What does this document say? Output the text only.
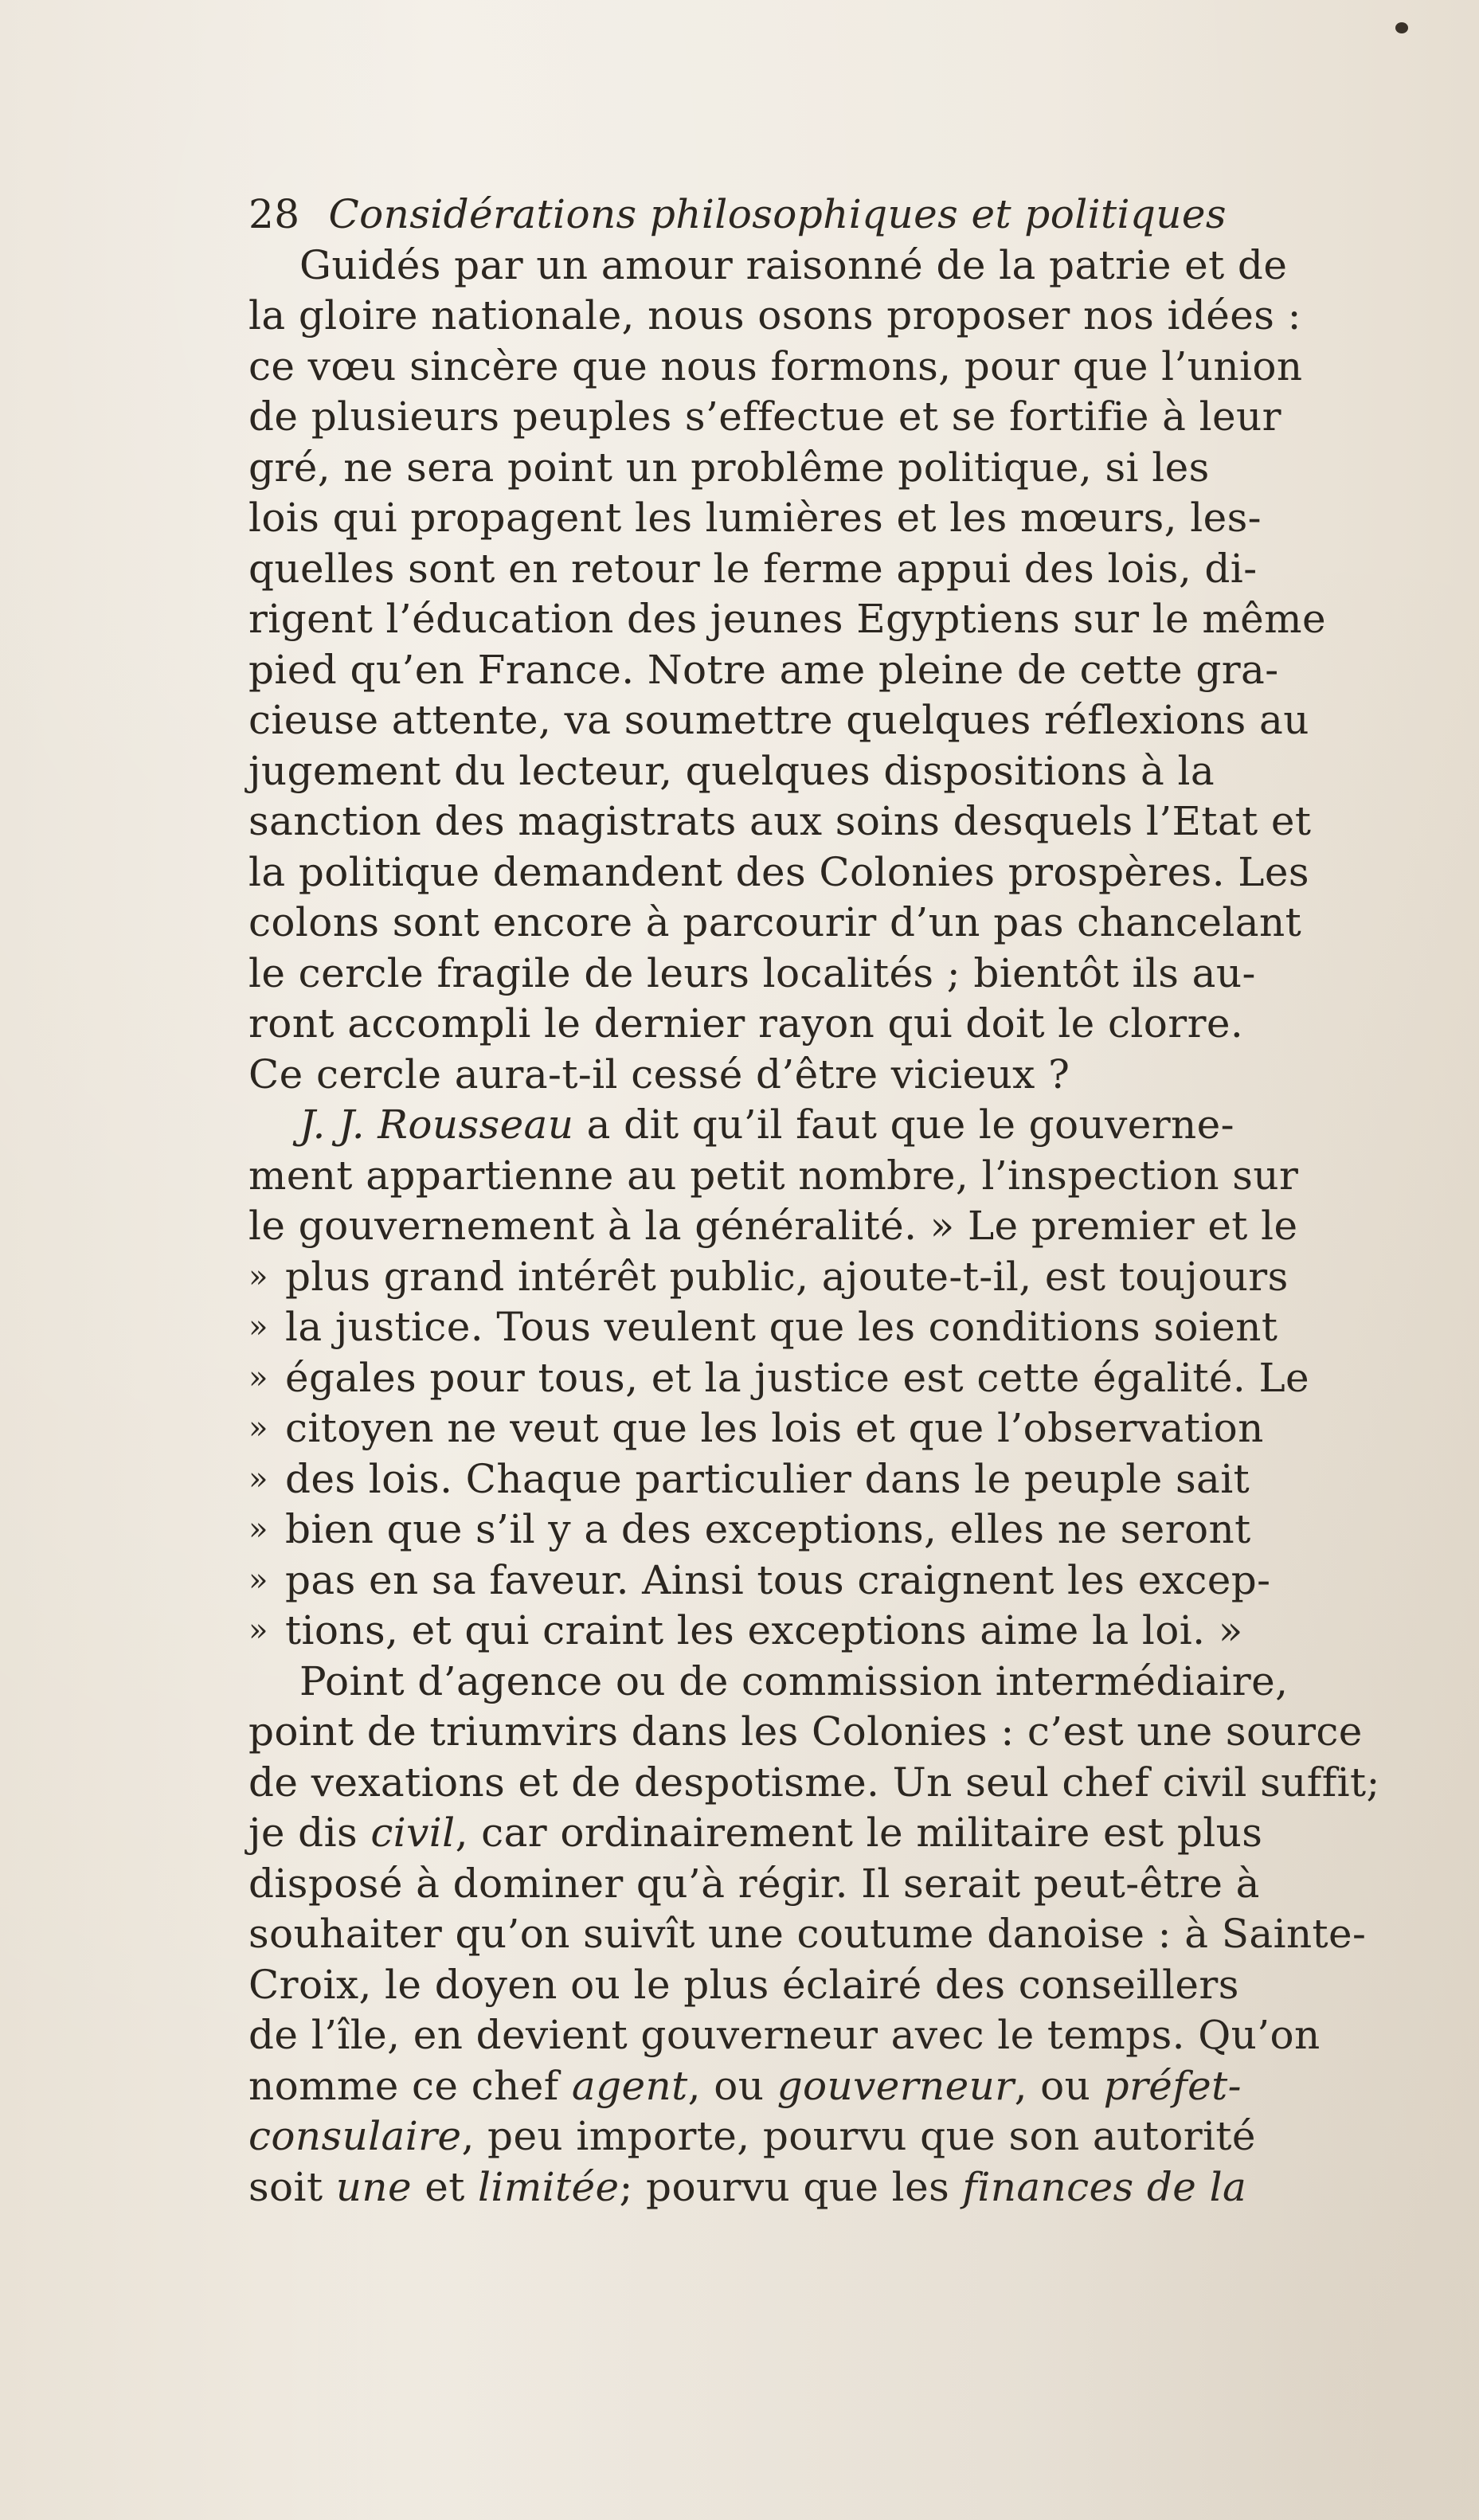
28 Considérations philosophiques et politiques
Guidés par un amour raisonné de la patrie et de
la gloire nationale, nous osons proposer nos idées :
ce vœu sincère que nous formons, pour que l’union
de plusieurs peuples s’effectue et se fortifie à leur
gré, ne sera point un problême politique, si les
lois qui propagent les lumières et les mœurs, les-
quelles sont en retour le ferme appui des lois, di-
rigent l’éducation des jeunes Egyptiens sur le même
pied qu’en France. Notre ame pleine de cette gra-
cieuse attente, va soumettre quelques réflexions au
jugement du lecteur, quelques dispositions à la
sanction des magistrats aux soins desquels l’Etat et
la politique demandent des Colonies prospères. Les
colons sont encore à parcourir d’un pas chancelant
le cercle fragile de leurs localités ; bientôt ils au-
ront accompli le dernier rayon qui doit le clorre.
Ce cercle aura-t-il cessé d’être vicieux ?
J. J. Rousseau a dit qu’il faut que le gouverne-
ment appartienne au petit nombre, l’inspection sur
le gouvernement à la généralité. » Le premier et le
» plus grand intérêt public, ajoute-t-il, est toujours
» la justice. Tous veulent que les conditions soient
» égales pour tous, et la justice est cette égalité. Le
» citoyen ne veut que les lois et que l’observation
» des lois. Chaque particulier dans le peuple sait
» bien que s’il y a des exceptions, elles ne seront
» pas en sa faveur. Ainsi tous craignent les excep-
» tions, et qui craint les exceptions aime la loi. »
Point d’agence ou de commission intermédiaire,
point de triumvirs dans les Colonies : c’est une source
de vexations et de despotisme. Un seul chef civil suffit;
je dis civil, car ordinairement le militaire est plus
disposé à dominer qu’à régir. Il serait peut-être à
souhaiter qu’on suivît une coutume danoise : à Sainte-
Croix, le doyen ou le plus éclairé des conseillers
de l’île, en devient gouverneur avec le temps. Qu’on
nomme ce chef agent, ou gouverneur, ou préfet-
consulaire, peu importe, pourvu que son autorité
soit une et limitée; pourvu que les finances de la
